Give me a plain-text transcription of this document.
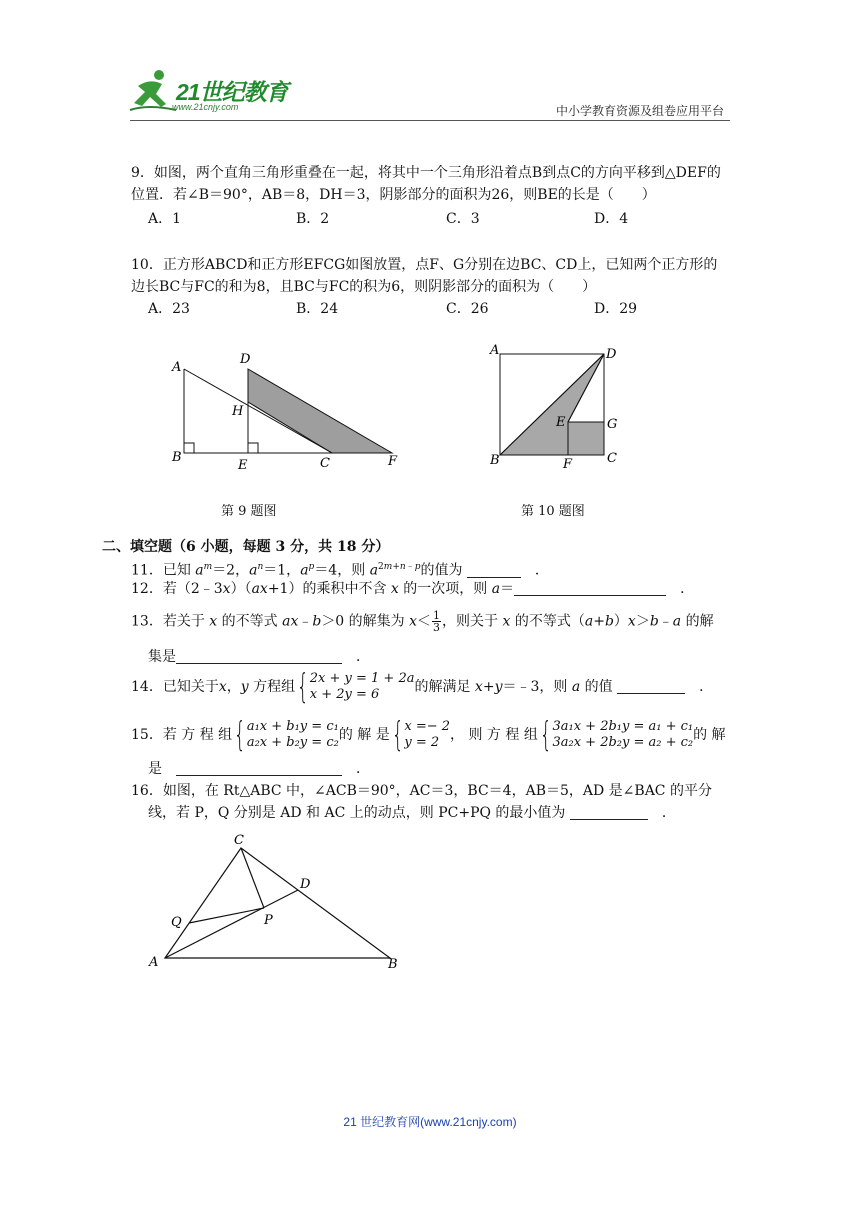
21世纪教育
www.21cnjy.com	中小学教育资源及组卷应用平台
9．如图，两个直角三角形重叠在一起，将其中一个三角形沿着点B到点C的方向平移到△DEF的位置．若∠B＝90°，AB＝8，DH＝3，阴影部分的面积为26，则BE的长是（　　）
A．1	B．2	C．3	D．4
10．正方形ABCD和正方形EFCG如图放置，点F、G分别在边BC、CD上，已知两个正方形的边长BC与FC的和为8，且BC与FC的积为6，则阴影部分的面积为（　　）
A．23	B．24	C．26	D．29
A
D
H
B
E	C	F
第 9 题图
A	D
E	G
B	F	C
第 10 题图
二、填空题（6 小题，每题 3 分，共 18 分）
11．已知 $a^m=2$，$a^n=1$，$a^p=4$，则 $a^{2m+n﹣p}$的值为 　	．
12．若（2﹣3x）（ax+1）的乘积中不含 x 的一次项，则 a＝　	．
13．若关于 x 的不等式 ax﹣b＞0 的解集为 $x< \frac{1}{3}$ ，则关于 x 的不等式（a+b）x＞b﹣a 的解
集是　	．
14．已知关于x，y 方程组 { 2x + y = 1 + 2a
x + 2y = 6	的解满足 x+y＝﹣3，则 a 的值 　	．
15．若 方 程 组 { a₁x + b₁y = c₁
a₂x + b₂y = c₂ 的 解 是 { x =− 2
y = 2 ， 则 方 程 组 { 3a₁x + 2b₁y = a₁ + c₁
3a₂x + 2b₂y = a₂ + c₂ 的 解
是　　	．
16．如图，在 Rt△ABC 中，∠ACB＝90°，AC＝3，BC＝4，AB＝5，AD 是∠BAC 的平分
线，若 P，Q 分别是 AD 和 AC 上的动点，则 PC+PQ 的最小值为 　	．
C
D
Q	P
A	B
21 世纪教育网(www.21cnjy.com)
